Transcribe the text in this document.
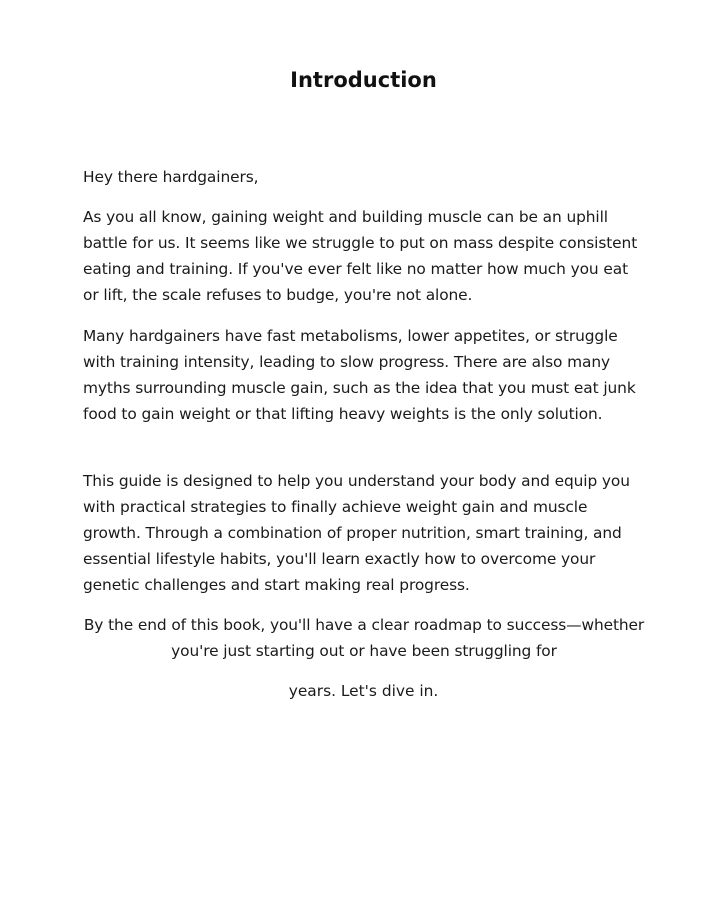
Introduction

Hey there hardgainers,

As you all know, gaining weight and building muscle can be an uphill battle for us. It seems like we struggle to put on mass despite consistent eating and training. If you've ever felt like no matter how much you eat or lift, the scale refuses to budge, you're not alone.

Many hardgainers have fast metabolisms, lower appetites, or struggle with training intensity, leading to slow progress. There are also many myths surrounding muscle gain, such as the idea that you must eat junk food to gain weight or that lifting heavy weights is the only solution.

This guide is designed to help you understand your body and equip you with practical strategies to finally achieve weight gain and muscle growth. Through a combination of proper nutrition, smart training, and essential lifestyle habits, you'll learn exactly how to overcome your genetic challenges and start making real progress.

By the end of this book, you'll have a clear roadmap to success—whether you're just starting out or have been struggling for

years. Let's dive in.
